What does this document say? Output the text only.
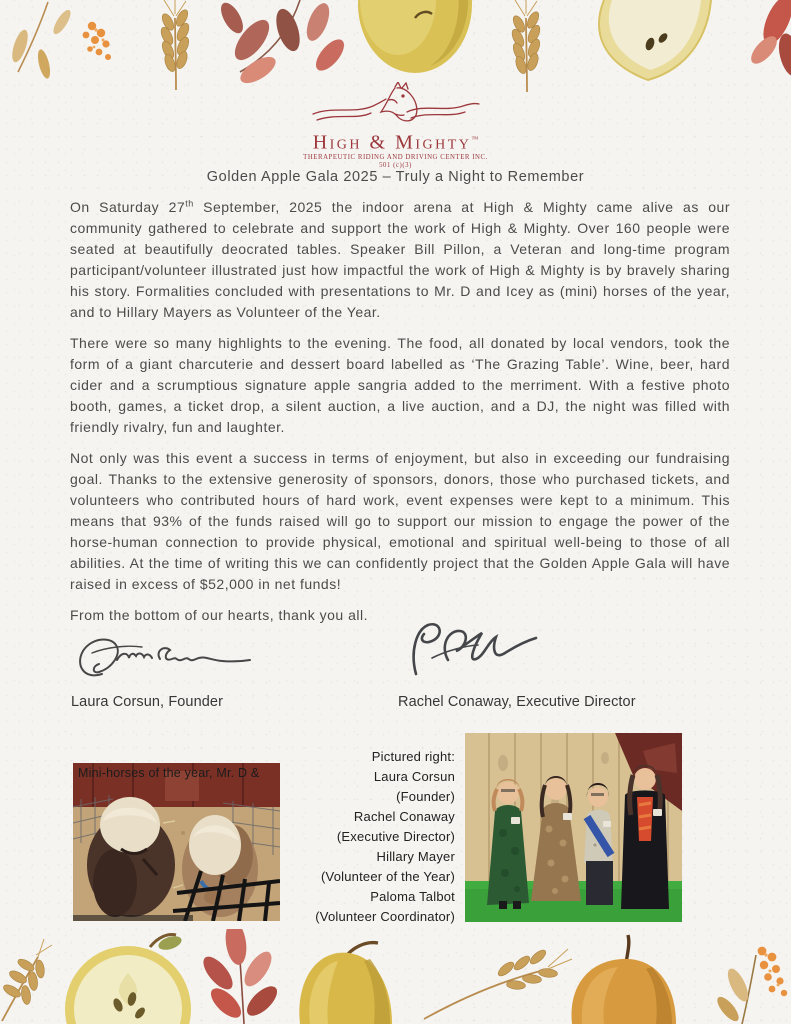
High & Mighty™
THERAPEUTIC RIDING AND DRIVING CENTER INC.
501 (c)(3)
Golden Apple Gala 2025 – Truly a Night to Remember

On Saturday 27th September, 2025 the indoor arena at High & Mighty came alive as our community gathered to celebrate and support the work of High & Mighty. Over 160 people were seated at beautifully deocrated tables. Speaker Bill Pillon, a Veteran and long-time program participant/volunteer illustrated just how impactful the work of High & Mighty is by bravely sharing his story. Formalities concluded with presentations to Mr. D and Icey as (mini) horses of the year, and to Hillary Mayers as Volunteer of the Year.

There were so many highlights to the evening. The food, all donated by local vendors, took the form of a giant charcuterie and dessert board labelled as ‘The Grazing Table’. Wine, beer, hard cider and a scrumptious signature apple sangria added to the merriment. With a festive photo booth, games, a ticket drop, a silent auction, a live auction, and a DJ, the night was filled with friendly rivalry, fun and laughter.

Not only was this event a success in terms of enjoyment, but also in exceeding our fundraising goal. Thanks to the extensive generosity of sponsors, donors, those who purchased tickets, and volunteers who contributed hours of hard work, event expenses were kept to a minimum. This means that 93% of the funds raised will go to support our mission to engage the power of the horse-human connection to provide physical, emotional and spiritual well-being to those of all abilities. At the time of writing this we can confidently project that the Golden Apple Gala will have raised in excess of $52,000 in net funds!

From the bottom of our hearts, thank you all.

Laura Corsun, Founder	Rachel Conaway, Executive Director
Mini-horses of the year, Mr. D &
Pictured right:
Laura Corsun
(Founder)
Rachel Conaway
(Executive Director)
Hillary Mayer
(Volunteer of the Year)
Paloma Talbot
(Volunteer Coordinator)
